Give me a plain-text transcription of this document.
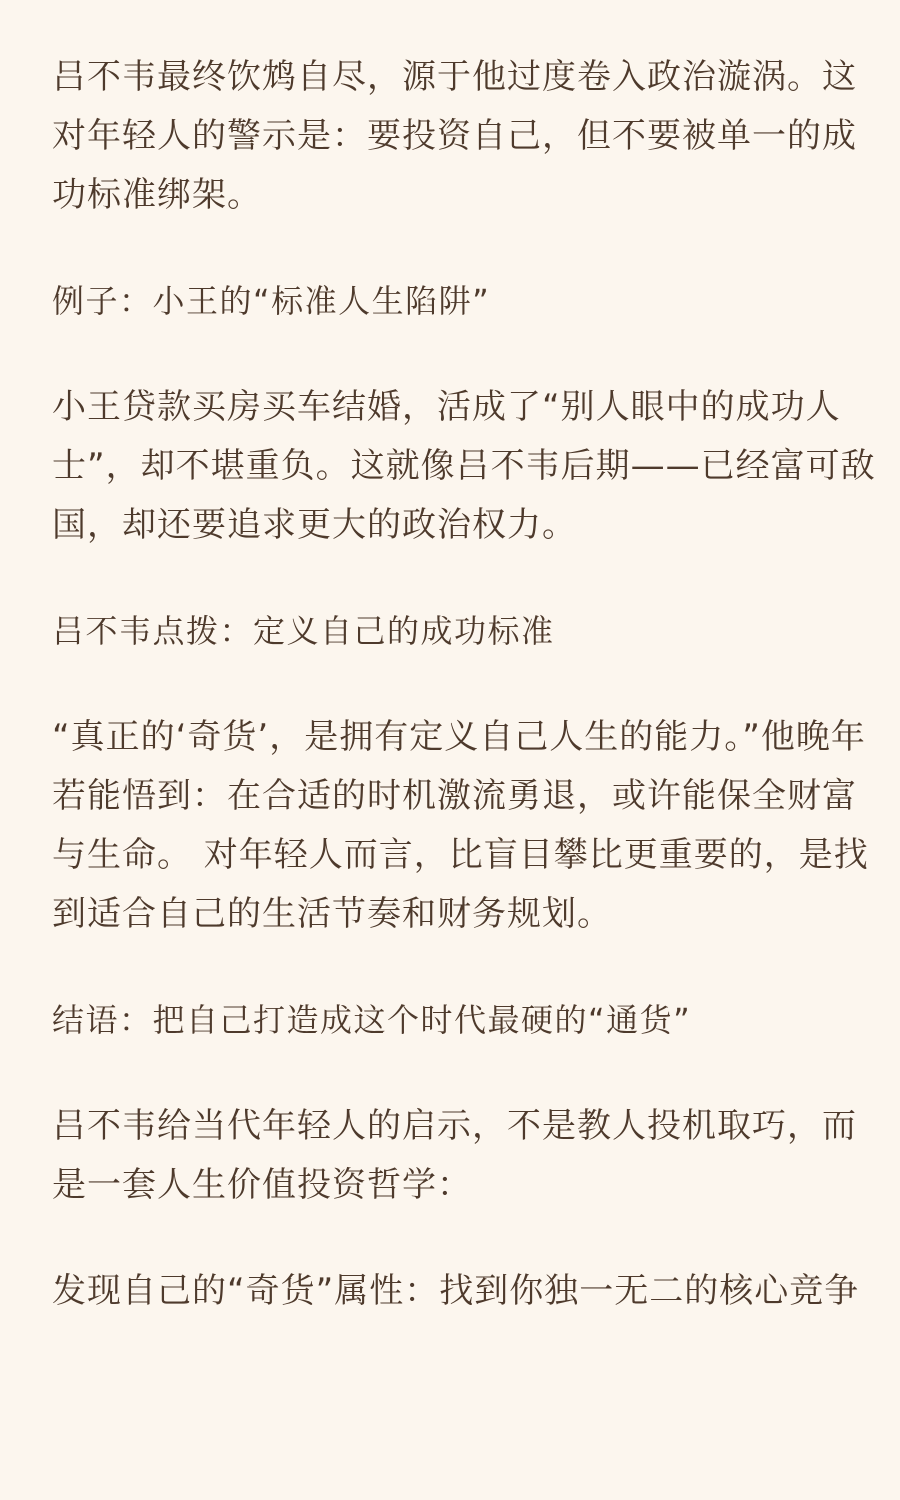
吕不韦最终饮鸩自尽，源于他过度卷入政治漩涡。这
对年轻人的警示是：要投资自己，但不要被单一的成
功标准绑架。

例子：小王的“标准人生陷阱”

小王贷款买房买车结婚，活成了“别人眼中的成功人
士”，却不堪重负。这就像吕不韦后期——已经富可敌
国，却还要追求更大的政治权力。

吕不韦点拨：定义自己的成功标准

“真正的‘奇货’，是拥有定义自己人生的能力。”他晚年
若能悟到：在合适的时机激流勇退，或许能保全财富
与生命。 对年轻人而言，比盲目攀比更重要的，是找
到适合自己的生活节奏和财务规划。

结语：把自己打造成这个时代最硬的“通货”

吕不韦给当代年轻人的启示，不是教人投机取巧，而
是一套人生价值投资哲学：

发现自己的“奇货”属性：找到你独一无二的核心竞争
